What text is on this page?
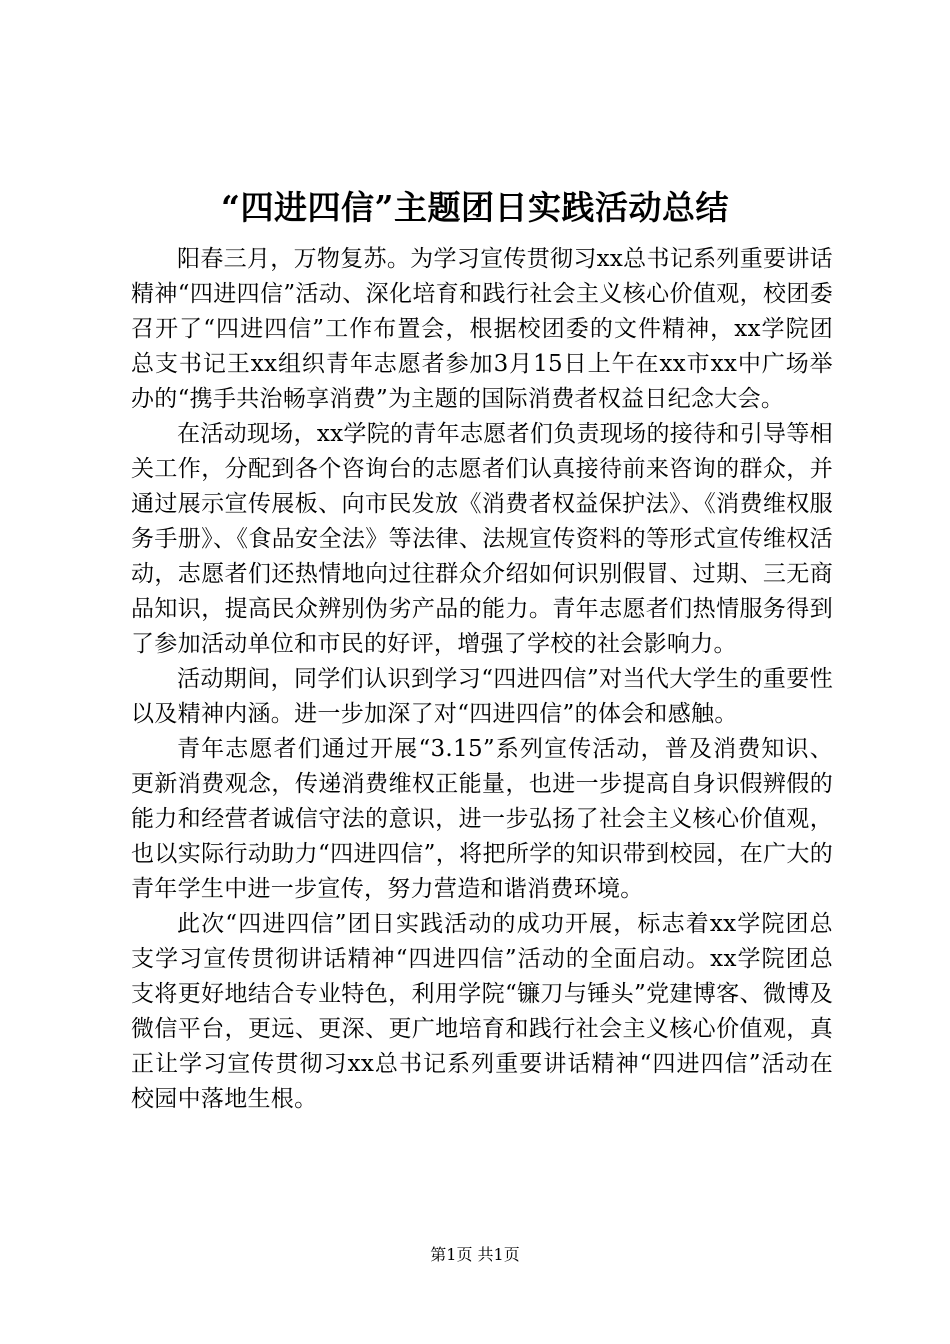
“四进四信”主题团日实践活动总结

阳春三月，万物复苏。为学习宣传贯彻习xx总书记系列重要讲话精神“四进四信”活动、深化培育和践行社会主义核心价值观，校团委召开了“四进四信”工作布置会，根据校团委的文件精神，xx学院团总支书记王xx组织青年志愿者参加3月15日上午在xx市xx中广场举办的“携手共治畅享消费”为主题的国际消费者权益日纪念大会。

在活动现场，xx学院的青年志愿者们负责现场的接待和引导等相关工作，分配到各个咨询台的志愿者们认真接待前来咨询的群众，并通过展示宣传展板、向市民发放《消费者权益保护法》、《消费维权服务手册》、《食品安全法》等法律、法规宣传资料的等形式宣传维权活动，志愿者们还热情地向过往群众介绍如何识别假冒、过期、三无商品知识，提高民众辨别伪劣产品的能力。青年志愿者们热情服务得到了参加活动单位和市民的好评，增强了学校的社会影响力。

活动期间，同学们认识到学习“四进四信”对当代大学生的重要性以及精神内涵。进一步加深了对“四进四信”的体会和感触。

青年志愿者们通过开展“3.15”系列宣传活动，普及消费知识、更新消费观念，传递消费维权正能量，也进一步提高自身识假辨假的能力和经营者诚信守法的意识，进一步弘扬了社会主义核心价值观，也以实际行动助力“四进四信”，将把所学的知识带到校园，在广大的青年学生中进一步宣传，努力营造和谐消费环境。

此次“四进四信”团日实践活动的成功开展，标志着xx学院团总支学习宣传贯彻讲话精神“四进四信”活动的全面启动。xx学院团总支将更好地结合专业特色，利用学院“镰刀与锤头”党建博客、微博及微信平台，更远、更深、更广地培育和践行社会主义核心价值观，真正让学习宣传贯彻习xx总书记系列重要讲话精神“四进四信”活动在校园中落地生根。

第1页 共1页
